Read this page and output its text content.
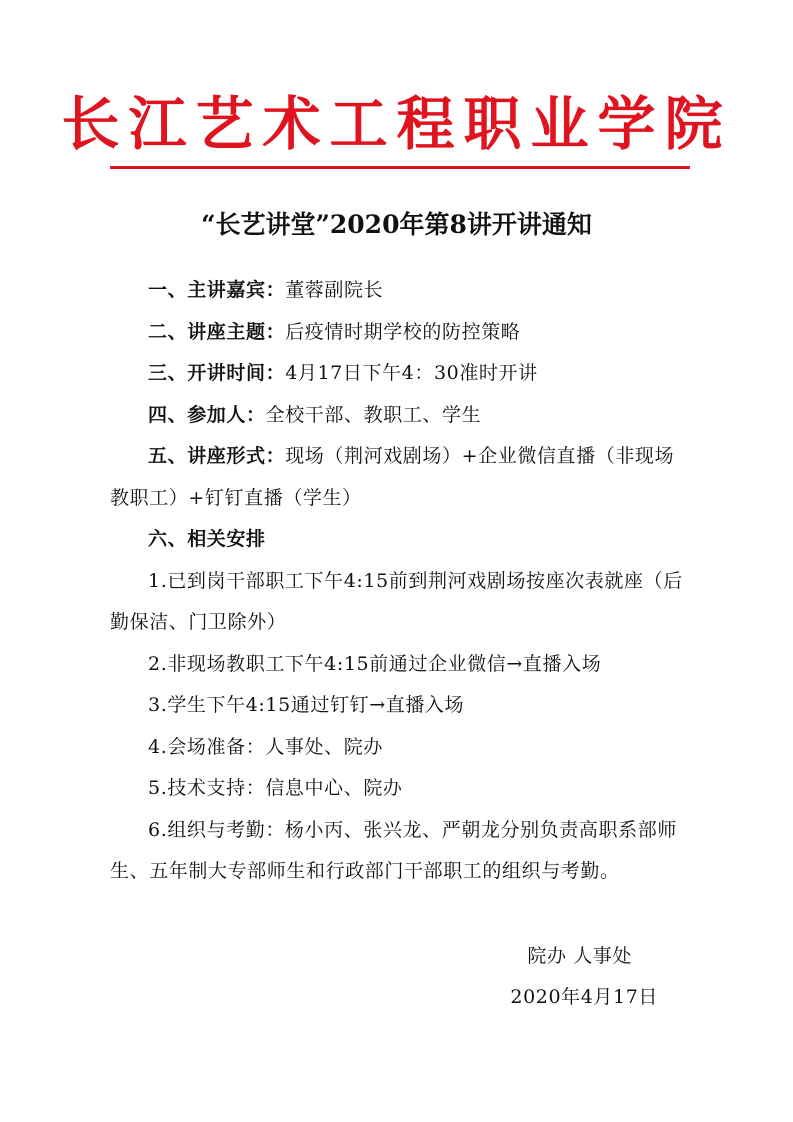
长江艺术工程职业学院
“长艺讲堂”2020年第8讲开讲通知

一、主讲嘉宾：董蓉副院长

二、讲座主题：后疫情时期学校的防控策略

三、开讲时间：4月17日下午4：30准时开讲

四、参加人：全校干部、教职工、学生

五、讲座形式：现场（荆河戏剧场）+企业微信直播（非现场教职工）+钉钉直播（学生）

六、相关安排

1.已到岗干部职工下午4:15前到荆河戏剧场按座次表就座（后勤保洁、门卫除外）

2.非现场教职工下午4:15前通过企业微信→直播入场

3.学生下午4:15通过钉钉→直播入场

4.会场准备：人事处、院办

5.技术支持：信息中心、院办

6.组织与考勤：杨小丙、张兴龙、严朝龙分别负责高职系部师生、五年制大专部师生和行政部门干部职工的组织与考勤。

院办 人事处
2020年4月17日
